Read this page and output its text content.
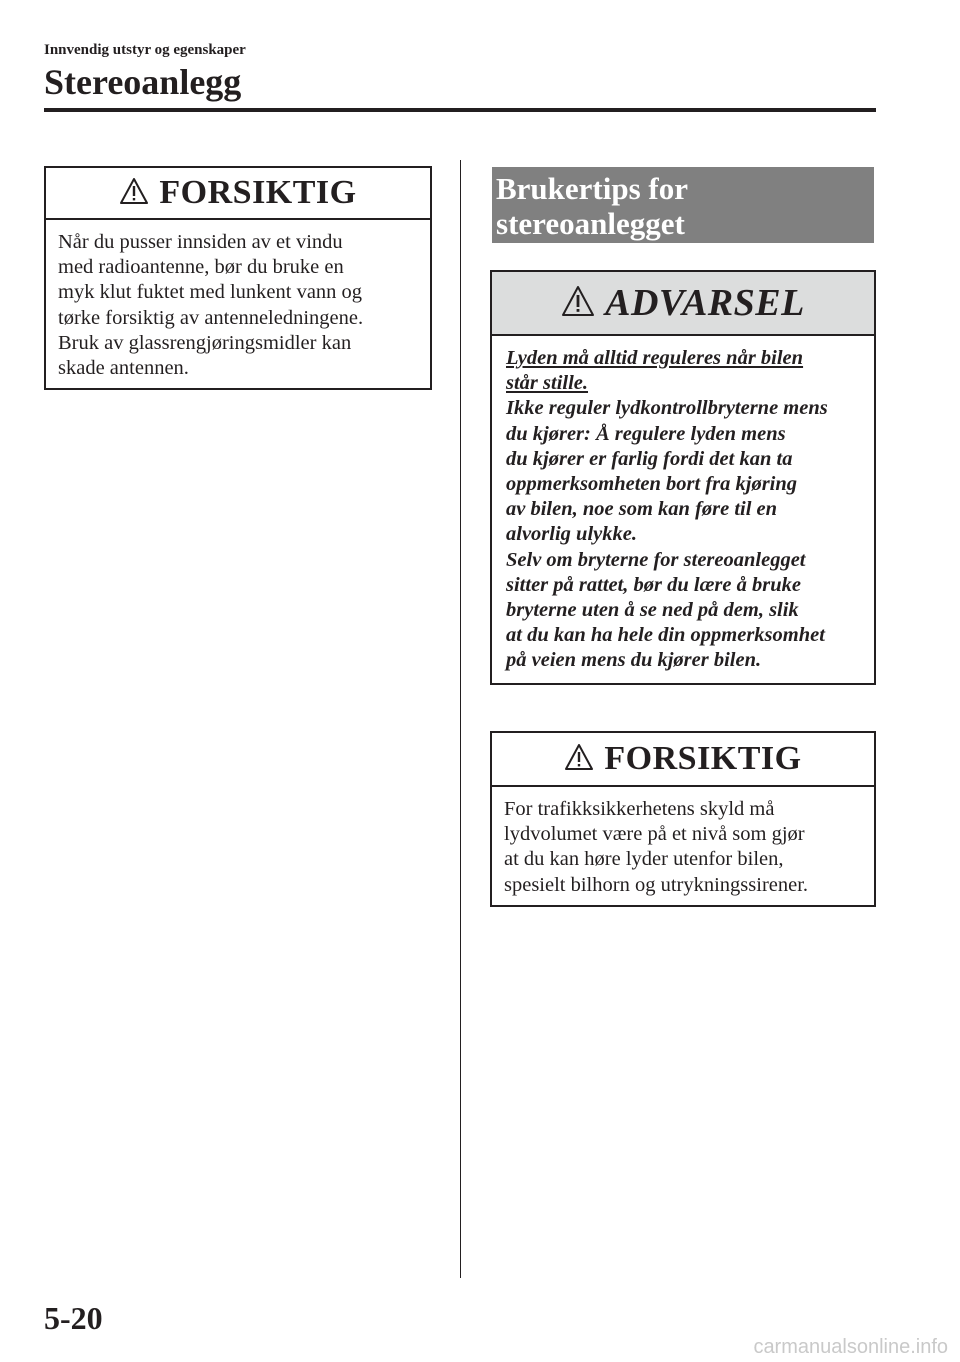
Innvendig utstyr og egenskaper
Stereoanlegg
FORSIKTIG
Når du pusser innsiden av et vindu
med radioantenne, bør du bruke en
myk klut fuktet med lunkent vann og
tørke forsiktig av antenneledningene.
Bruk av glassrengjøringsmidler kan
skade antennen.
Brukertips for
stereoanlegget
ADVARSEL
Lyden må alltid reguleres når bilen
står stille.
Ikke reguler lydkontrollbryterne mens
du kjører: Å regulere lyden mens
du kjører er farlig fordi det kan ta
oppmerksomheten bort fra kjøring
av bilen, noe som kan føre til en
alvorlig ulykke.
Selv om bryterne for stereoanlegget
sitter på rattet, bør du lære å bruke
bryterne uten å se ned på dem, slik
at du kan ha hele din oppmerksomhet
på veien mens du kjører bilen.
FORSIKTIG
For trafikksikkerhetens skyld må
lydvolumet være på et nivå som gjør
at du kan høre lyder utenfor bilen,
spesielt bilhorn og utrykningssirener.
5-20
carmanualsonline.info
